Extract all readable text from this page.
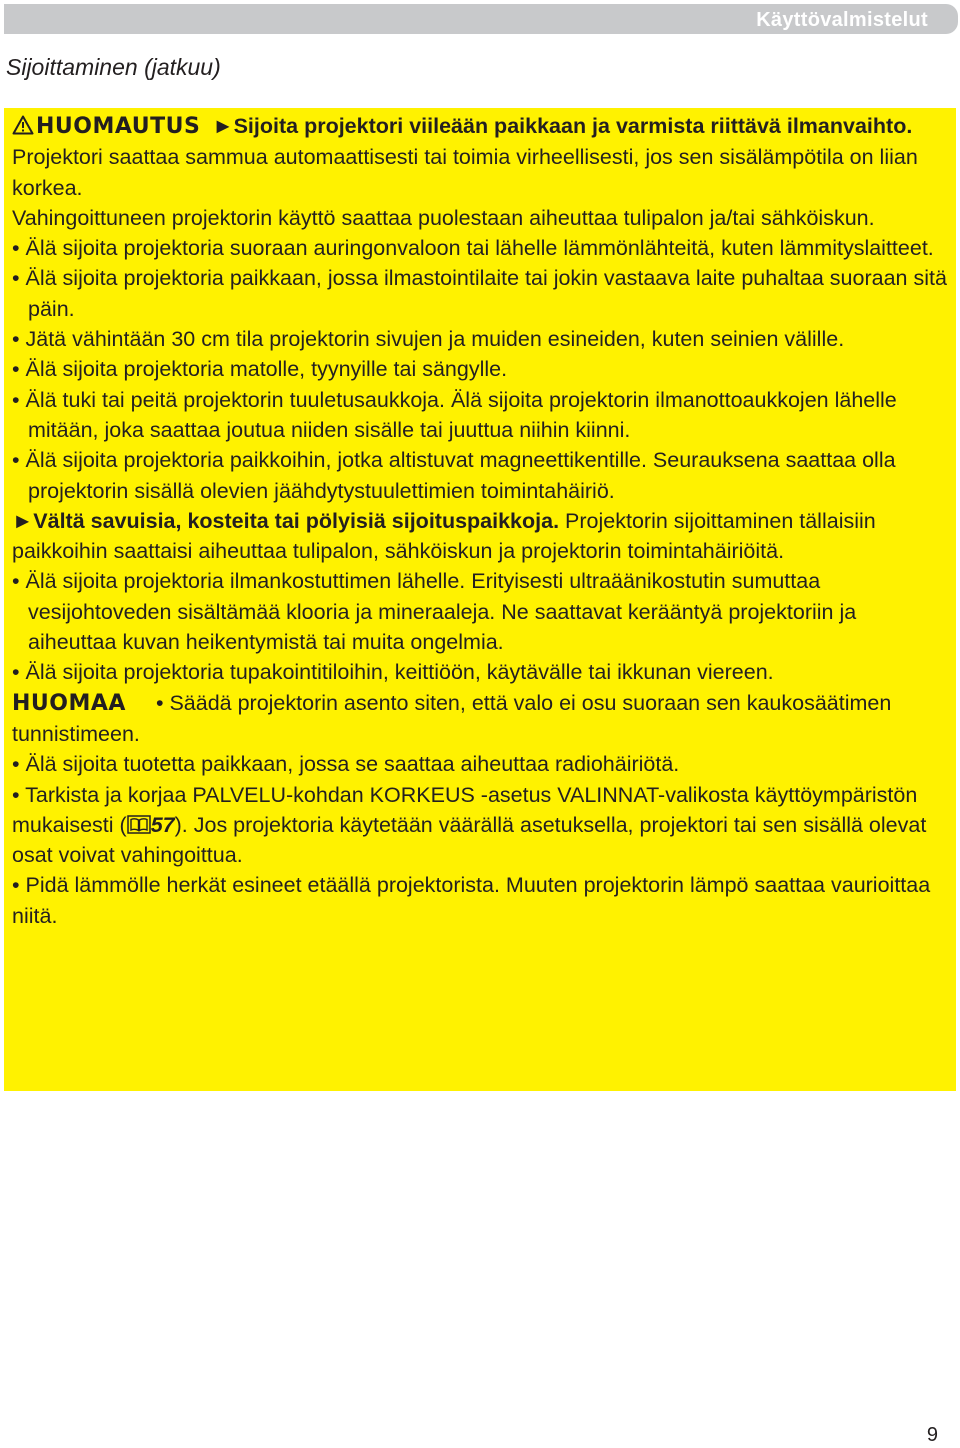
Käyttövalmistelut
Sijoittaminen (jatkuu)

HUOMAUTUS ►Sijoita projektori viileään paikkaan ja varmista riittävä ilmanvaihto. Projektori saattaa sammua automaattisesti tai toimia virheellisesti, jos sen sisälämpötila on liian korkea.

Vahingoittuneen projektorin käyttö saattaa puolestaan aiheuttaa tulipalon ja/tai sähköiskun.

• Älä sijoita projektoria suoraan auringonvaloon tai lähelle lämmönlähteitä, kuten lämmityslaitteet.

• Älä sijoita projektoria paikkaan, jossa ilmastointilaite tai jokin vastaava laite puhaltaa suoraan sitä päin.

• Jätä vähintään 30 cm tila projektorin sivujen ja muiden esineiden, kuten seinien välille.

• Älä sijoita projektoria matolle, tyynyille tai sängylle.

• Älä tuki tai peitä projektorin tuuletusaukkoja. Älä sijoita projektorin ilmanottoaukkojen lähelle mitään, joka saattaa joutua niiden sisälle tai juuttua niihin kiinni.

• Älä sijoita projektoria paikkoihin, jotka altistuvat magneettikentille. Seurauksena saattaa olla projektorin sisällä olevien jäähdytystuulettimien toimintahäiriö.

►Vältä savuisia, kosteita tai pölyisiä sijoituspaikkoja. Projektorin sijoittaminen tällaisiin paikkoihin saattaisi aiheuttaa tulipalon, sähköiskun ja projektorin toimintahäiriöitä.

• Älä sijoita projektoria ilmankostuttimen lähelle. Erityisesti ultraäänikostutin sumuttaa vesijohtoveden sisältämää klooria ja mineraaleja. Ne saattavat kerääntyä projektoriin ja aiheuttaa kuvan heikentymistä tai muita ongelmia.

• Älä sijoita projektoria tupakointitiloihin, keittiöön, käytävälle tai ikkunan viereen.

HUOMAA • Säädä projektorin asento siten, että valo ei osu suoraan sen kaukosäätimen tunnistimeen.

• Älä sijoita tuotetta paikkaan, jossa se saattaa aiheuttaa radiohäiriötä.

• Tarkista ja korjaa PALVELU-kohdan KORKEUS -asetus VALINNAT-valikosta käyttöympäristön mukaisesti ( 57). Jos projektoria käytetään väärällä asetuksella, projektori tai sen sisällä olevat osat voivat vahingoittua.

• Pidä lämmölle herkät esineet etäällä projektorista. Muuten projektorin lämpö saattaa vaurioittaa niitä.

9
